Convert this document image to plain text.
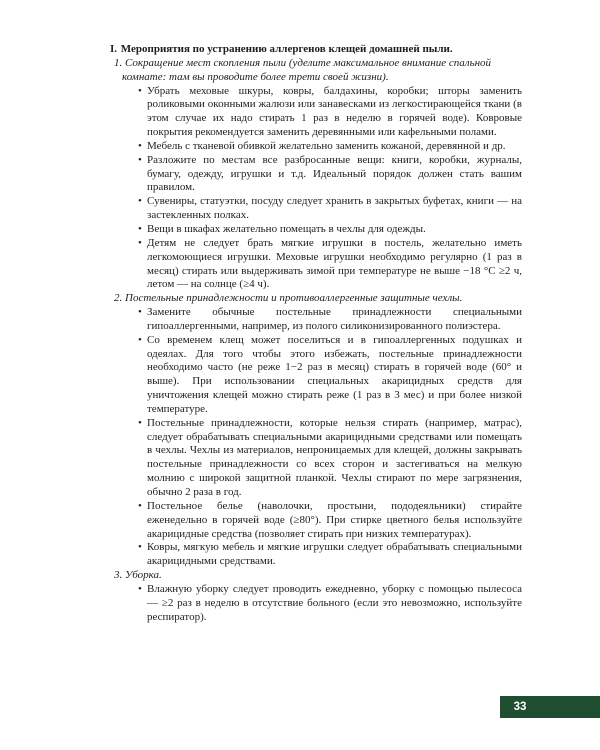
I. Мероприятия по устранению аллергенов клещей домашней пыли.

1. Сокращение мест скопления пыли (уделите максимальное внимание спальной комнате: там вы проводите более трети своей жизни).

• Убрать меховые шкуры, ковры, балдахины, коробки; шторы заменить роликовыми оконными жалюзи или занавесками из легкостирающейся ткани (в этом случае их надо стирать 1 раз в неделю в горячей воде). Ковровые покрытия рекомендуется заменить деревянными или кафельными полами.
• Мебель с тканевой обивкой желательно заменить кожаной, деревянной и др.
• Разложите по местам все разбросанные вещи: книги, коробки, журналы, бумагу, одежду, игрушки и т.д. Идеальный порядок должен стать вашим правилом.
• Сувениры, статуэтки, посуду следует хранить в закрытых буфетах, книги — на застекленных полках.
• Вещи в шкафах желательно помещать в чехлы для одежды.
• Детям не следует брать мягкие игрушки в постель, желательно иметь легкомоющиеся игрушки. Меховые игрушки необходимо регулярно (1 раз в месяц) стирать или выдерживать зимой при температуре не выше −18 °С ≥2 ч, летом — на солнце (≥4 ч).

2. Постельные принадлежности и противоаллергенные защитные чехлы.

• Замените обычные постельные принадлежности специальными гипоаллергенными, например, из полого силиконизированного полиэстера.
• Со временем клещ может поселиться и в гипоаллергенных подушках и одеялах. Для того чтобы этого избежать, постельные принадлежности необходимо часто (не реже 1−2 раз в месяц) стирать в горячей воде (60° и выше). При использовании специальных акарицидных средств для уничтожения клещей можно стирать реже (1 раз в 3 мес) и при более низкой температуре.
• Постельные принадлежности, которые нельзя стирать (например, матрас), следует обрабатывать специальными акарицидными средствами или помещать в чехлы. Чехлы из материалов, непроницаемых для клещей, должны закрывать постельные принадлежности со всех сторон и застегиваться на мелкую молнию с широкой защитной планкой. Чехлы стирают по мере загрязнения, обычно 2 раза в год.
• Постельное белье (наволочки, простыни, пододеяльники) стирайте еженедельно в горячей воде (≥80°). При стирке цветного белья используйте акарицидные средства (позволяет стирать при низких температурах).
• Ковры, мягкую мебель и мягкие игрушки следует обрабатывать специальными акарицидными средствами.

3. Уборка.

• Влажную уборку следует проводить ежедневно, уборку с помощью пылесоса — ≥2 раз в неделю в отсутствие больного (если это невозможно, используйте респиратор).
33
